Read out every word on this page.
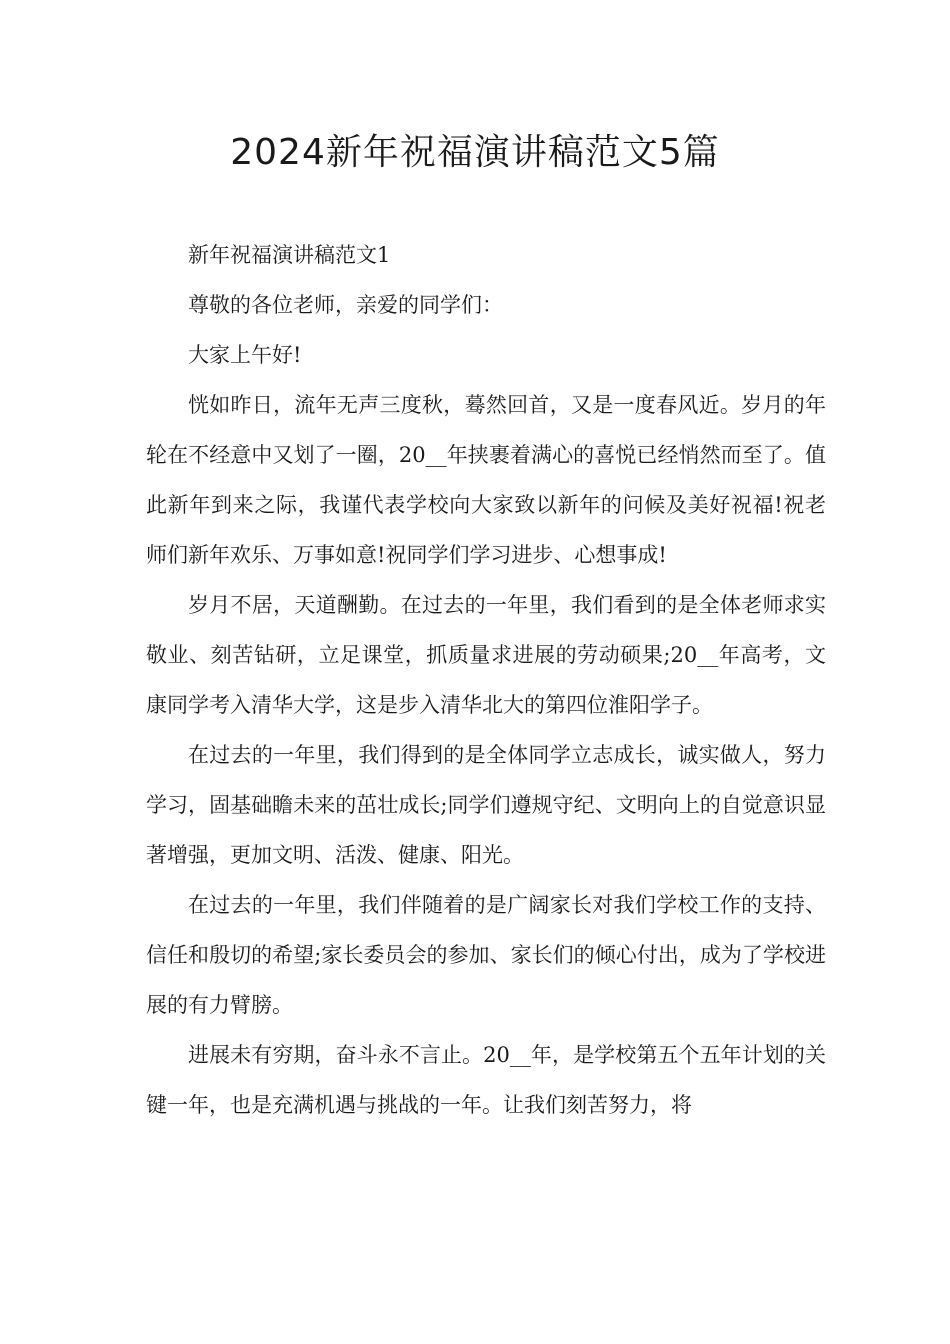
2024新年祝福演讲稿范文5篇

新年祝福演讲稿范文1

尊敬的各位老师，亲爱的同学们：

大家上午好!

恍如昨日，流年无声三度秋，蓦然回首，又是一度春风近。岁月的年轮在不经意中又划了一圈，20__年挟裹着满心的喜悦已经悄然而至了。值此新年到来之际，我谨代表学校向大家致以新年的问候及美好祝福!祝老师们新年欢乐、万事如意!祝同学们学习进步、心想事成!

岁月不居，天道酬勤。在过去的一年里，我们看到的是全体老师求实敬业、刻苦钻研，立足课堂，抓质量求进展的劳动硕果;20__年高考，文康同学考入清华大学，这是步入清华北大的第四位淮阳学子。

在过去的一年里，我们得到的是全体同学立志成长，诚实做人，努力学习，固基础瞻未来的茁壮成长;同学们遵规守纪、文明向上的自觉意识显著增强，更加文明、活泼、健康、阳光。

在过去的一年里，我们伴随着的是广阔家长对我们学校工作的支持、信任和殷切的希望;家长委员会的参加、家长们的倾心付出，成为了学校进展的有力臂膀。

进展未有穷期，奋斗永不言止。20__年，是学校第五个五年计划的关键一年，也是充满机遇与挑战的一年。让我们刻苦努力，将
